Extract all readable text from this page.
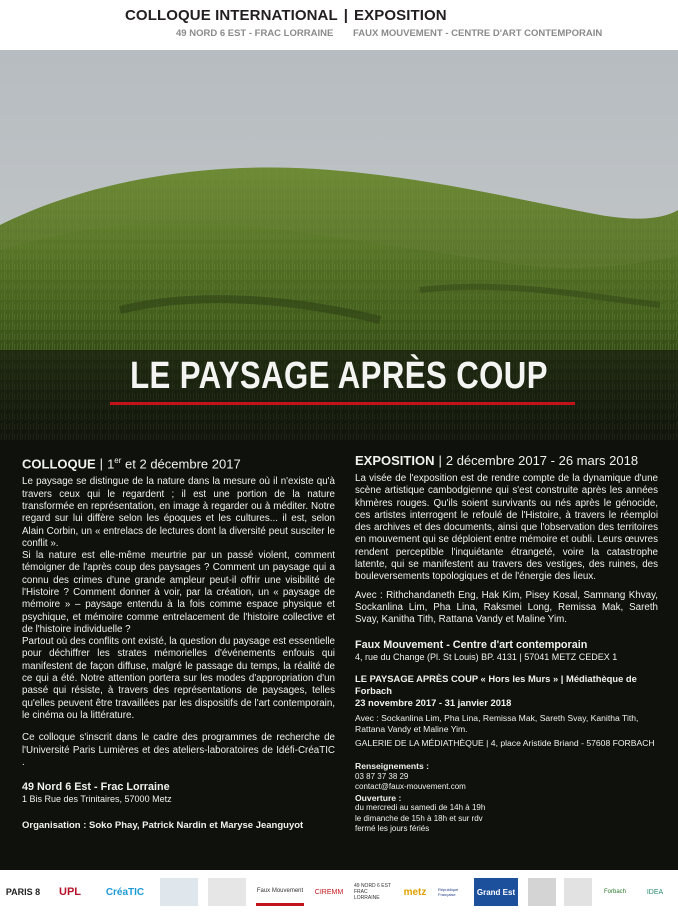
COLLOQUE INTERNATIONAL | EXPOSITION
49 NORD 6 EST - FRAC LORRAINE FAUX MOUVEMENT - CENTRE D'ART CONTEMPORAIN
LE PAYSAGE APRÈS COUP
COLLOQUE | 1er et 2 décembre 2017

Le paysage se distingue de la nature dans la mesure où il n'existe qu'à travers ceux qui le regardent ; il est une portion de la nature transformée en représentation, en image à regarder ou à méditer. Notre regard sur lui diffère selon les époques et les cultures... il est, selon Alain Corbin, un « entrelacs de lectures dont la diversité peut susciter le conflit ».

Si la nature est elle-même meurtrie par un passé violent, comment témoigner de l'après coup des paysages ? Comment un paysage qui a connu des crimes d'une grande ampleur peut-il offrir une visibilité de l'Histoire ? Comment donner à voir, par la création, un « paysage de mémoire » – paysage entendu à la fois comme espace physique et psychique, et mémoire comme entrelacement de l'histoire collective et de l'histoire individuelle ?

Partout où des conflits ont existé, la question du paysage est essentielle pour déchiffrer les strates mémorielles d'événements enfouis qui manifestent de façon diffuse, malgré le passage du temps, la réalité de ce qui a été. Notre attention portera sur les modes d'appropriation d'un passé qui résiste, à travers des représentations de paysages, telles qu'elles peuvent être travaillées par les dispositifs de l'art contemporain, le cinéma ou la littérature.

Ce colloque s'inscrit dans le cadre des programmes de recherche de l'Université Paris Lumières et des ateliers-laboratoires de Idéfi-CréaTIC .

49 Nord 6 Est - Frac Lorraine
1 Bis Rue des Trinitaires, 57000 Metz
Organisation : Soko Phay, Patrick Nardin et Maryse Jeanguyot
EXPOSITION | 2 décembre 2017 - 26 mars 2018

La visée de l'exposition est de rendre compte de la dynamique d'une scène artistique cambodgienne qui s'est construite après les années khmères rouges. Qu'ils soient survivants ou nés après le génocide, ces artistes interrogent le refoulé de l'Histoire, à travers le réemploi des archives et des documents, ainsi que l'observation des territoires en mouvement qui se déploient entre mémoire et oubli. Leurs œuvres rendent perceptible l'inquiétante étrangeté, voire la catastrophe latente, qui se manifestent au travers des vestiges, des ruines, des bouleversements topologiques et de l'énergie des lieux.

Avec : Rithchandaneth Eng, Hak Kim, Pisey Kosal, Samnang Khvay, Sockanlina Lim, Pha Lina, Raksmei Long, Remissa Mak, Sareth Svay, Kanitha Tith, Rattana Vandy et Maline Yim.

Faux Mouvement - Centre d'art contemporain
4, rue du Change (Pl. St Louis) BP. 4131 | 57041 METZ CEDEX 1
LE PAYSAGE APRÈS COUP « Hors les Murs » | Médiathèque de Forbach
23 novembre 2017 - 31 janvier 2018

Avec : Sockanlina Lim, Pha Lina, Remissa Mak, Sareth Svay, Kanitha Tith, Rattana Vandy et Maline Yim.

GALERIE DE LA MÉDIATHÈQUE | 4, place Aristide Briand - 57608 FORBACH

Renseignements :
03 87 37 38 29
contact@faux-mouvement.com
Ouverture :
du mercredi au samedi de 14h à 19h
le dimanche de 15h à 18h et sur rdv
fermé les jours fériés
PARIS 8	UPL	CréaTIC	partner	partner	Faux Mouvement	CIREMM
49 NORD 6 EST FRAC LORRAINE
metz	République Française	Grand Est	partner	partner	Forbach	IDEA
